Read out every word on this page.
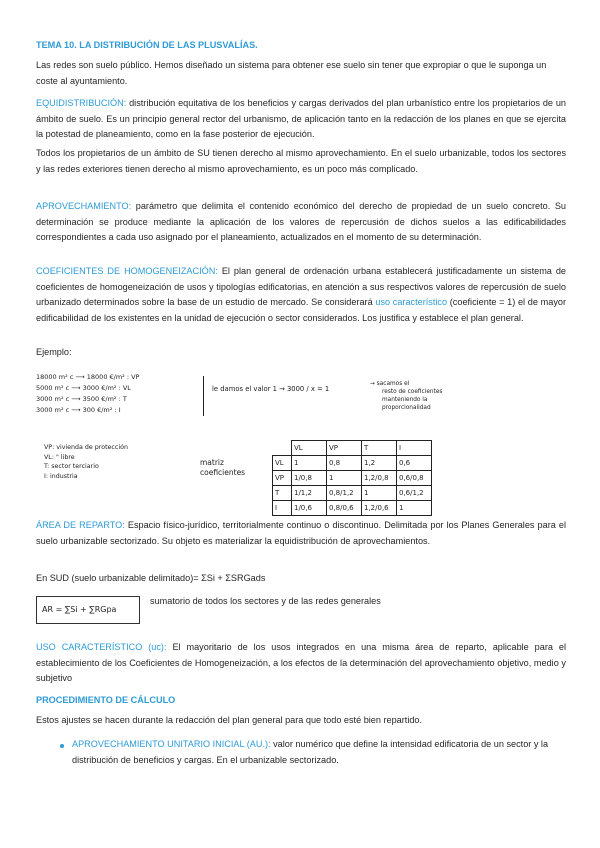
TEMA 10. LA DISTRIBUCIÓN DE LAS PLUSVALÍAS.

Las redes son suelo público. Hemos diseñado un sistema para obtener ese suelo sin tener que expropiar o que le suponga un coste al ayuntamiento.

EQUIDISTRIBUCIÓN: distribución equitativa de los beneficios y cargas derivados del plan urbanístico entre los propietarios de un ámbito de suelo. Es un principio general rector del urbanismo, de aplicación tanto en la redacción de los planes en que se ejercita la potestad de planeamiento, como en la fase posterior de ejecución.

Todos los propietarios de un ámbito de SU tienen derecho al mismo aprovechamiento. En el suelo urbanizable, todos los sectores y las redes exteriores tienen derecho al mismo aprovechamiento, es un poco más complicado.

APROVECHAMIENTO: parámetro que delimita el contenido económico del derecho de propiedad de un suelo concreto. Su determinación se produce mediante la aplicación de los valores de repercusión de dichos suelos a las edificabilidades correspondientes a cada uso asignado por el planeamiento, actualizados en el momento de su determinación.

COEFICIENTES DE HOMOGENEIZACIÓN: El plan general de ordenación urbana establecerá justificadamente un sistema de coeficientes de homogeneización de usos y tipologías edificatorias, en atención a sus respectivos valores de repercusión de suelo urbanizado determinados sobre la base de un estudio de mercado. Se considerará uso característico (coeficiente = 1) el de mayor edificabilidad de los existentes en la unidad de ejecución o sector considerados. Los justifica y establece el plan general.

Ejemplo:

18000 m² c ⟶ 18000 €/m² : VP
5000 m² c ⟶ 3000 €/m² : VL
3000 m² c ⟶ 3500 €/m² : T
3000 m² c ⟶ 300 €/m² : I
le damos el valor 1 → 3000 / x = 1
→ sacamos el
resto de coeficientes
manteniendo la
proporcionalidad
VP: vivienda de protección
VL: " libre
T: sector terciario
I: industria
matriz
coeficientes
	VL	VP	T	I
VL	1	0,8	1,2	0,6
VP	1/0,8	1	1,2/0,8	0,6/0,8
T	1/1,2	0,8/1,2	1	0,6/1,2
I	1/0,6	0,8/0,6	1,2/0,6	1

ÁREA DE REPARTO: Espacio físico-jurídico, territorialmente continuo o discontinuo. Delimitada por los Planes Generales para el suelo urbanizable sectorizado. Su objeto es materializar la equidistribución de aprovechamientos.

En SUD (suelo urbanizable delimitado)= ΣSi + ΣSRGads

AR = ∑Si + ∑RGpa

sumatorio de todos los sectores y de las redes generales

USO CARACTERÍSTICO (uc): El mayoritario de los usos integrados en una misma área de reparto, aplicable para el establecimiento de los Coeficientes de Homogeneización, a los efectos de la determinación del aprovechamiento objetivo, medio y subjetivo

PROCEDIMIENTO DE CÁLCULO

Estos ajustes se hacen durante la redacción del plan general para que todo esté bien repartido.

APROVECHAMIENTO UNITARIO INICIAL (AU.): valor numérico que define la intensidad edificatoria de un sector y la distribución de beneficios y cargas. En el urbanizable sectorizado.
